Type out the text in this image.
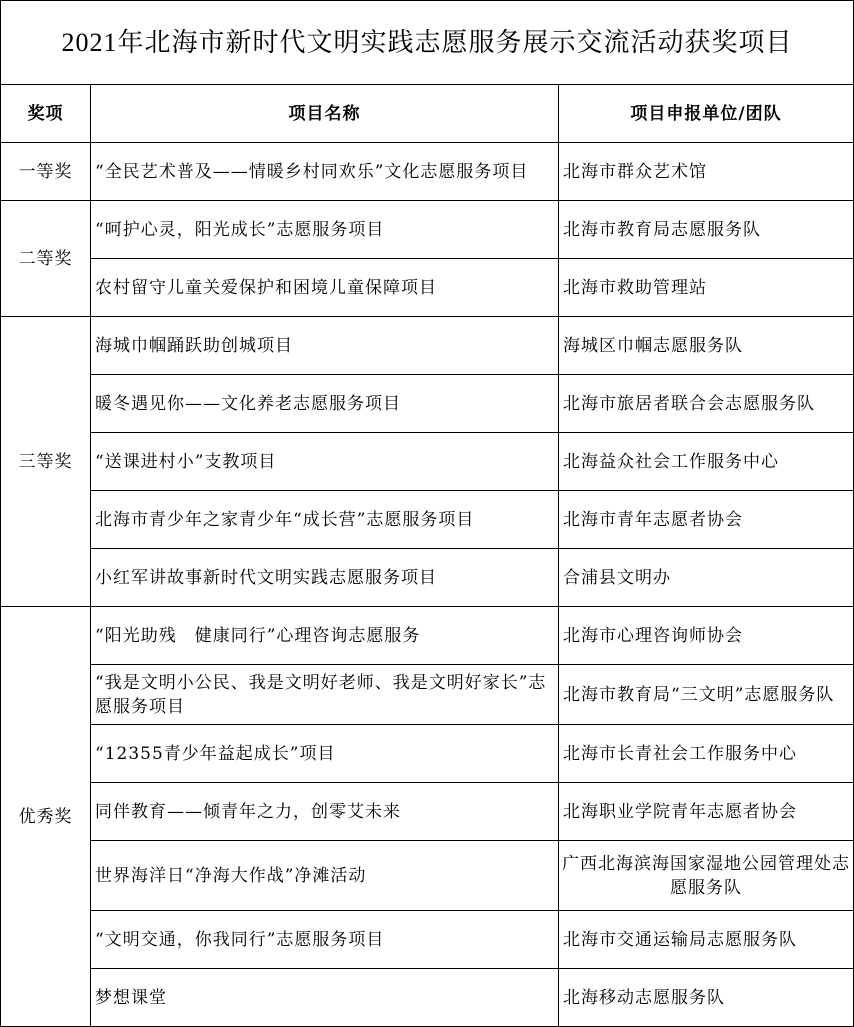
2021年北海市新时代文明实践志愿服务展示交流活动获奖项目		
奖项	项目名称	项目申报单位/团队
一等奖	“全民艺术普及——情暖乡村同欢乐”文化志愿服务项目	北海市群众艺术馆
二等奖	“呵护心灵，阳光成长”志愿服务项目	北海市教育局志愿服务队
	农村留守儿童关爱保护和困境儿童保障项目	北海市救助管理站
三等奖	海城巾帼踊跃助创城项目	海城区巾帼志愿服务队
	暖冬遇见你——文化养老志愿服务项目	北海市旅居者联合会志愿服务队
	“送课进村小”支教项目	北海益众社会工作服务中心
	北海市青少年之家青少年“成长营”志愿服务项目	北海市青年志愿者协会
	小红军讲故事新时代文明实践志愿服务项目	合浦县文明办
优秀奖	“阳光助残　健康同行”心理咨询志愿服务	北海市心理咨询师协会
	“我是文明小公民、我是文明好老师、我是文明好家长”志愿服务项目	北海市教育局“三文明”志愿服务队
	“12355青少年益起成长”项目	北海市长青社会工作服务中心
	同伴教育——倾青年之力，创零艾未来	北海职业学院青年志愿者协会
	世界海洋日“净海大作战”净滩活动	广西北海滨海国家湿地公园管理处志愿服务队
	“文明交通，你我同行”志愿服务项目	北海市交通运输局志愿服务队
	梦想课堂	北海移动志愿服务队
